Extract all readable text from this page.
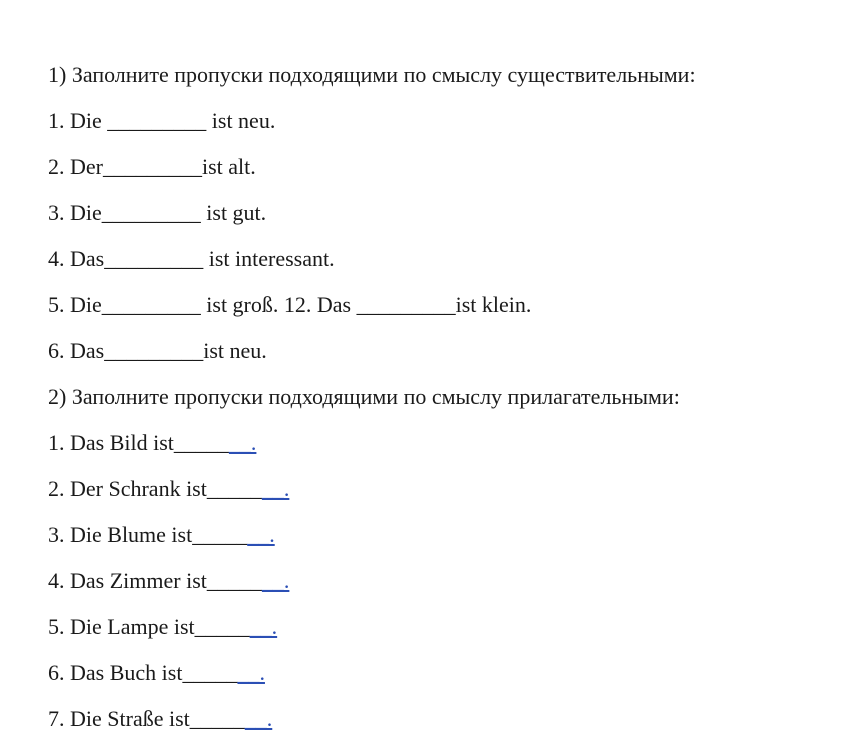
1) Заполните пропуски подходящими по смыслу существительными:
1. Die _________ ist neu.
2. Der_________ist alt.
3. Die_________ ist gut.
4. Das_________ ist interessant.
5. Die_________ ist groß. 12. Das _________ist klein.
6. Das_________ist neu.
2) Заполните пропуски подходящими по смыслу прилагательными:
1. Das Bild ist_______.
2. Der Schrank ist_______.
3. Die Blume ist_______.
4. Das Zimmer ist_______.
5. Die Lampe ist_______.
6. Das Buch ist_______.
7. Die Straße ist_______.
